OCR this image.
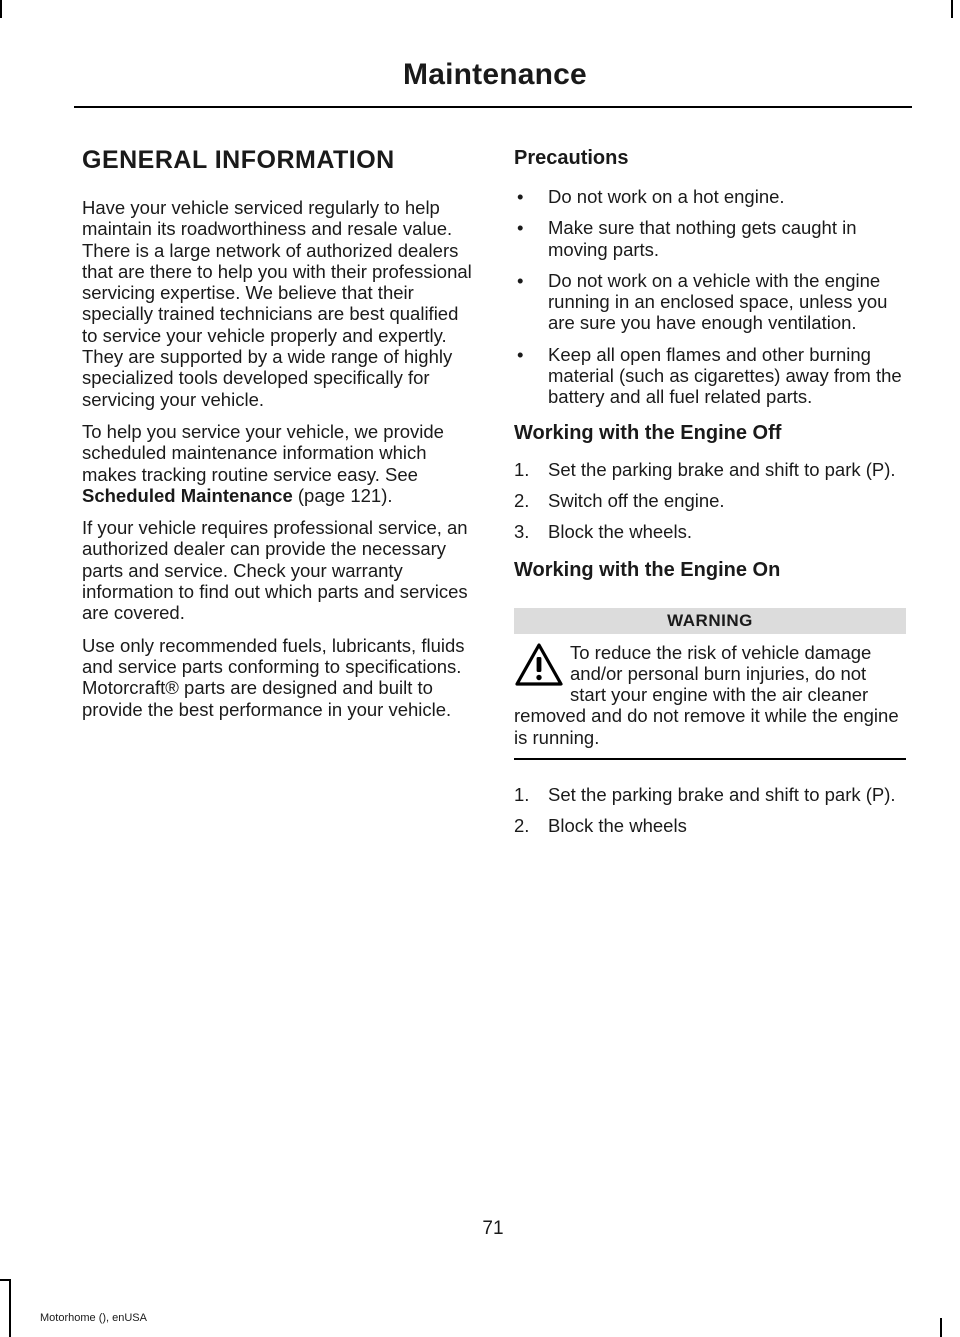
Maintenance
GENERAL INFORMATION

Have your vehicle serviced regularly to help maintain its roadworthiness and resale value. There is a large network of authorized dealers that are there to help you with their professional servicing expertise. We believe that their specially trained technicians are best qualified to service your vehicle properly and expertly. They are supported by a wide range of highly specialized tools developed specifically for servicing your vehicle.

To help you service your vehicle, we provide scheduled maintenance information which makes tracking routine service easy. See Scheduled Maintenance (page 121).

If your vehicle requires professional service, an authorized dealer can provide the necessary parts and service. Check your warranty information to find out which parts and services are covered.

Use only recommended fuels, lubricants, fluids and service parts conforming to specifications. Motorcraft® parts are designed and built to provide the best performance in your vehicle.

Precautions
• Do not work on a hot engine.
• Make sure that nothing gets caught in moving parts.
• Do not work on a vehicle with the engine running in an enclosed space, unless you are sure you have enough ventilation.
• Keep all open flames and other burning material (such as cigarettes) away from the battery and all fuel related parts.
Working with the Engine Off
1. Set the parking brake and shift to park (P).
2. Switch off the engine.
3. Block the wheels.
Working with the Engine On
WARNING
To reduce the risk of vehicle damage and/or personal burn injuries, do not start your engine with the air cleaner removed and do not remove it while the engine is running.
1. Set the parking brake and shift to park (P).
2. Block the wheels
71
Motorhome (), enUSA
